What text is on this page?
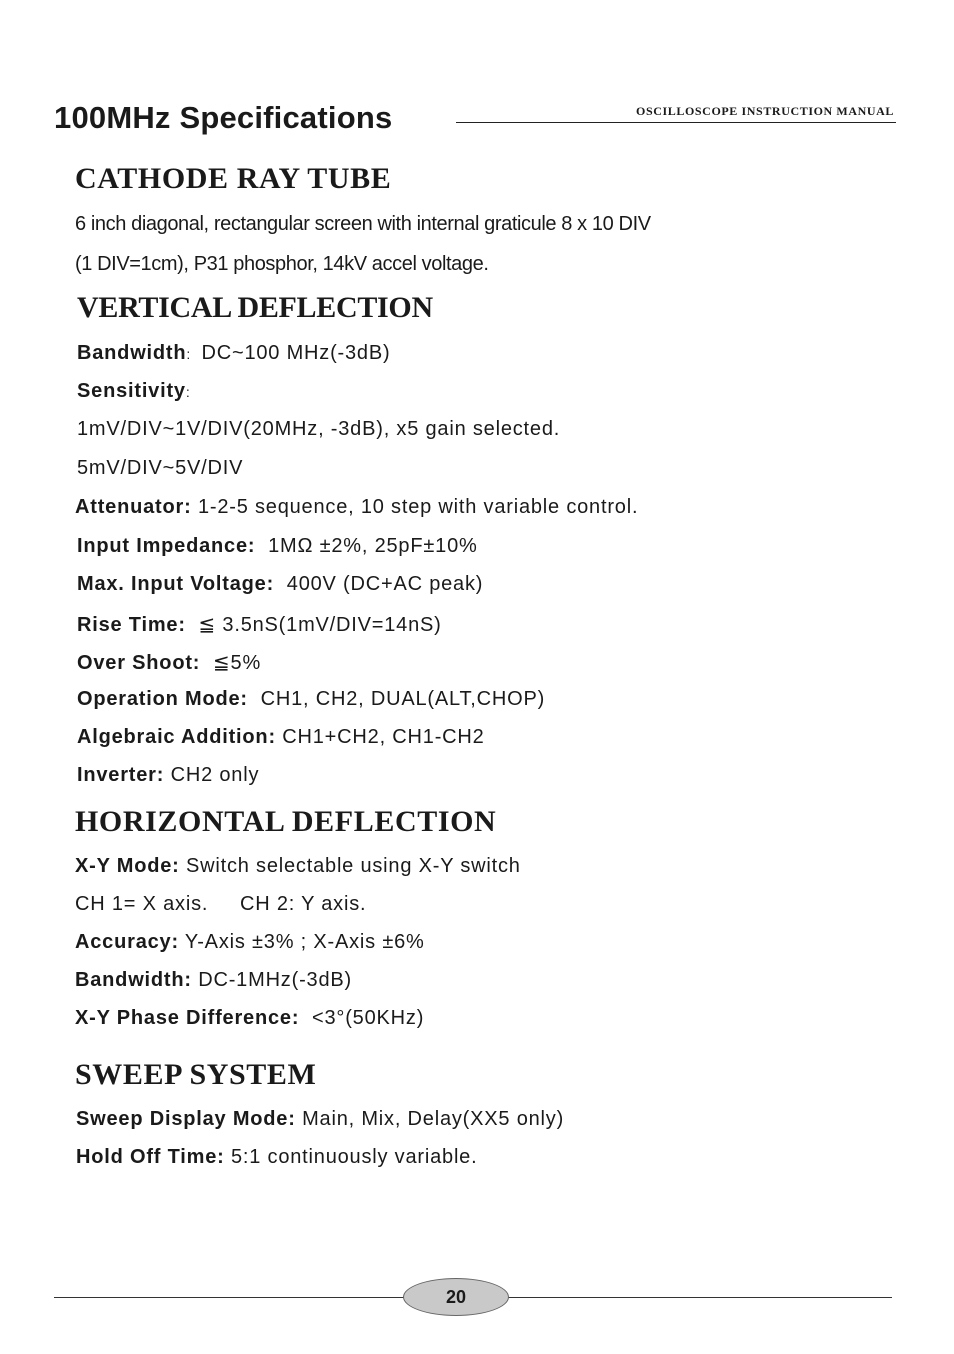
100MHz Specifications	OSCILLOSCOPE INSTRUCTION MANUAL
CATHODE RAY TUBE
6 inch diagonal, rectangular screen with internal graticule 8 x 10 DIV
(1 DIV=1cm), P31 phosphor, 14kV accel voltage.
VERTICAL DEFLECTION
Bandwidth: DC~100 MHz(-3dB)
Sensitivity:
1mV/DIV~1V/DIV(20MHz, -3dB), x5 gain selected.
5mV/DIV~5V/DIV
Attenuator: 1-2-5 sequence, 10 step with variable control.
Input Impedance: 1MΩ ±2%, 25pF±10%
Max. Input Voltage: 400V (DC+AC peak)
Rise Time: ≦ 3.5nS(1mV/DIV=14nS)
Over Shoot: ≦5%
Operation Mode: CH1, CH2, DUAL(ALT,CHOP)
Algebraic Addition: CH1+CH2, CH1-CH2
Inverter: CH2 only
HORIZONTAL DEFLECTION
X-Y Mode: Switch selectable using X-Y switch
CH 1= X axis.     CH 2: Y axis.
Accuracy: Y-Axis ±3% ; X-Axis ±6%
Bandwidth: DC-1MHz(-3dB)
X-Y Phase Difference: <3°(50KHz)
SWEEP SYSTEM
Sweep Display Mode: Main, Mix, Delay(XX5 only)
Hold Off Time: 5:1 continuously variable.
20
